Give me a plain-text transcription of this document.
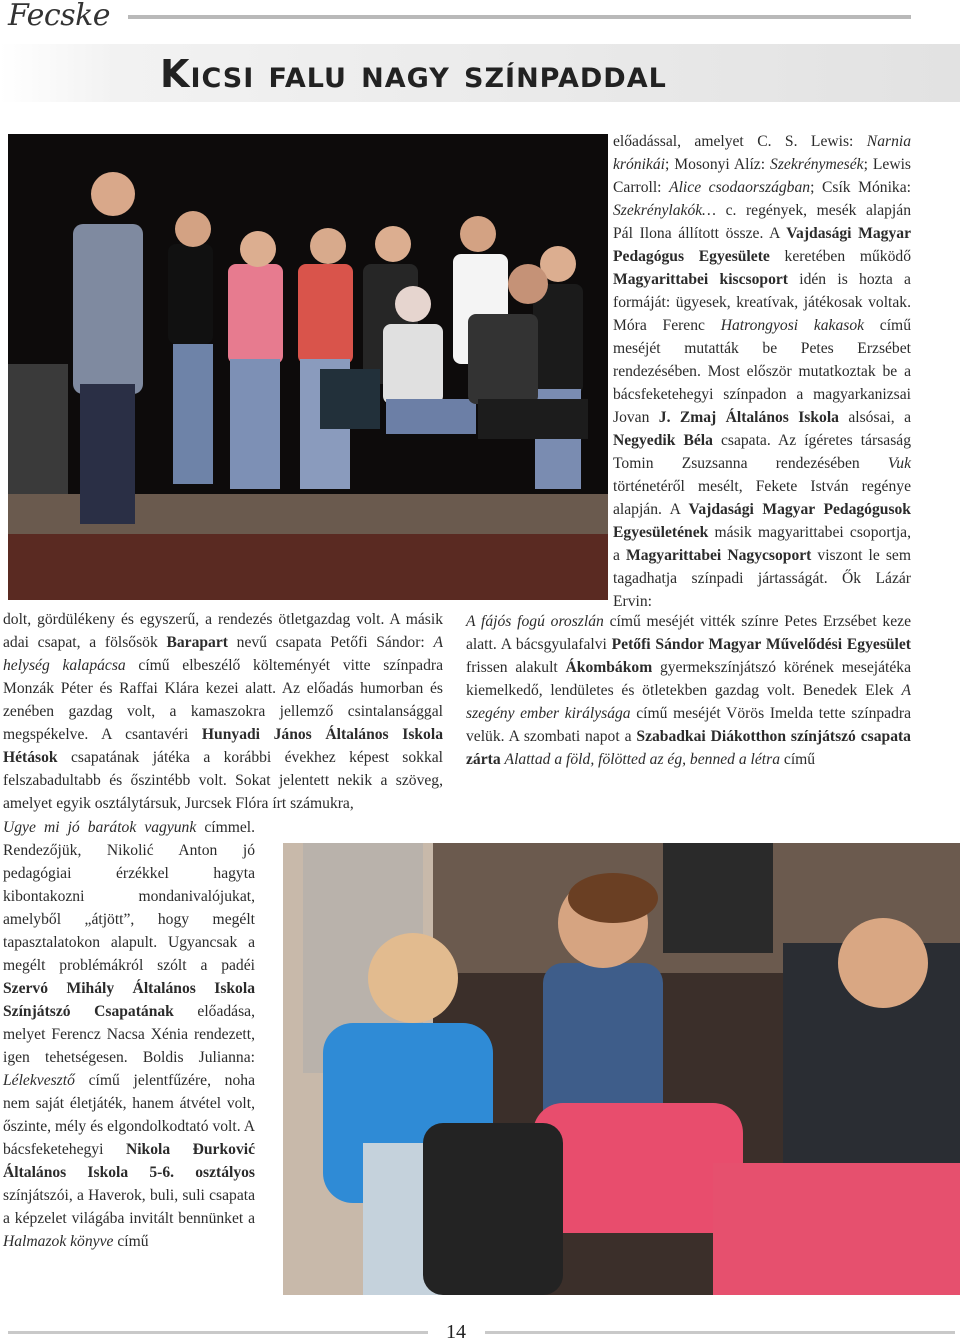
Fecske
Kicsi falu nagy színpaddal
előadással, amelyet C. S. Lewis: Narnia krónikái; Mosonyi Alíz: Szekrénymesék; Lewis Carroll: Alice csodaországban; Csík Mónika: Szekrénylakók… c. regények, mesék alapján Pál Ilona állított össze. A Vajdasági Magyar Pedagógus Egyesülete keretében működő Magyarittabei kiscsoport idén is hozta a formáját: ügyesek, kreatívak, játékosak voltak. Móra Ferenc Hatrongyosi kakasok című meséjét mutatták be Petes Erzsébet rendezésében. Most először mutatkoztak be a bácsfeketehegyi színpadon a magyarkanizsai Jovan J. Zmaj Általános Iskola alsósai, a Negyedik Béla csapata. Az ígéretes társaság Tomin Zsuzsanna rendezésében Vuk történetéről mesélt, Fekete István regénye alapján. A Vajdasági Magyar Pedagógusok Egyesületének másik magyarittabei csoportja, a Magyarittabei Nagycsoport viszont le sem tagadhatja színpadi jártasságát. Ők Lázár Ervin:
A fájós fogú oroszlán című meséjét vitték színre Petes Erzsébet keze alatt. A bácsgyulafalvi Petőfi Sándor Magyar Művelődési Egyesület frissen alakult Ákombákom gyermekszínjátszó körének mesejátéka kiemelkedő, lendületes és ötletekben gazdag volt. Benedek Elek A szegény ember királysága című meséjét Vörös Imelda tette színpadra velük. A szombati napot a Szabadkai Diákotthon színjátszó csapata zárta Alattad a föld, fölötted az ég, benned a létra című
dolt, gördülékeny és egyszerű, a rendezés ötletgazdag volt. A másik adai csapat, a fölsősök Barapart nevű csapata Petőfi Sándor: A helység kalapácsa című elbeszélő költeményét vitte színpadra Monzák Péter és Raffai Klára kezei alatt. Az előadás humorban és zenében gazdag volt, a kamaszokra jellemző csintalansággal megspékelve. A csantavéri Hunyadi János Általános Iskola Hétások csapatának játéka a korábbi évekhez képest sokkal felszabadultabb és őszintébb volt. Sokat jelentett nekik a szöveg, amelyet egyik osztálytársuk, Jurcsek Flóra írt számukra,
Ugye mi jó barátok vagyunk címmel. Rendezőjük, Nikolić Anton jó pedagógiai érzékkel hagyta kibontakozni mondanivalójukat, amelyből „átjött”, hogy megélt tapasztalatokon alapult. Ugyancsak a megélt problémákról szólt a padéi Szervó Mihály Általános Iskola Színjátszó Csapatának előadása, melyet Ferencz Nacsa Xénia rendezett, igen tehetségesen. Boldis Julianna: Lélekvesztő című jelentfűzére, noha nem saját életjáték, hanem átvétel volt, őszinte, mély és elgondolkodtató volt. A bácsfeketehegyi Nikola Đurković Általános Iskola 5-6. osztályos színjátszói, a Haverok, buli, suli csapata a képzelet világába invitált bennünket a Halmazok könyve című
14
